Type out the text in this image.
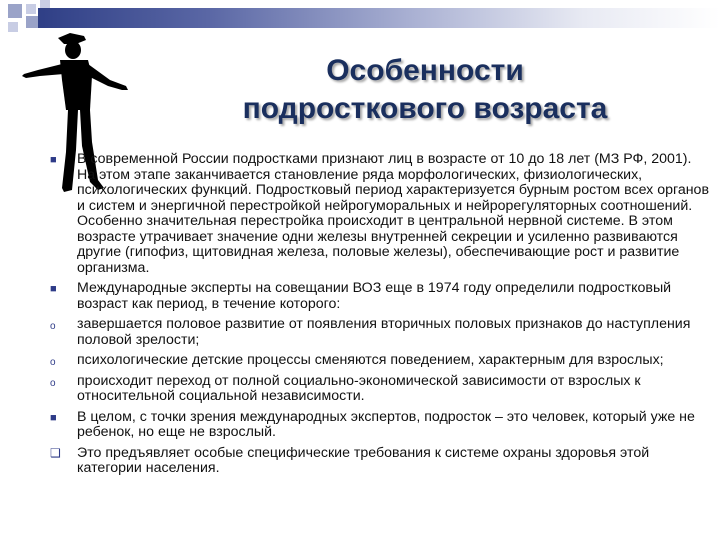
Особенности
подросткового возраста
■ В современной России подростками признают лиц в возрасте от 10 до 18 лет (МЗ РФ, 2001). На этом этапе заканчивается становление ряда морфологических, физиологических, психологических функций. Подростковый период характеризуется бурным ростом всех органов и систем и энергичной перестройкой нейрогуморальных и нейрорегуляторных соотношений. Особенно значительная перестройка происходит в центральной нервной системе. В этом возрасте утрачивает значение одни железы внутренней секреции и усиленно развиваются другие (гипофиз, щитовидная железа, половые железы), обеспечивающие рост и развитие организма.
■ Международные эксперты на совещании ВОЗ еще в 1974 году определили подростковый возраст как период, в течение которого:
o завершается половое развитие от появления вторичных половых признаков до наступления половой зрелости;
o психологические детские процессы сменяются поведением, характерным для взрослых;
o происходит переход от полной социально-экономической зависимости от взрослых к относительной социальной независимости.
■ В целом, с точки зрения международных экспертов, подросток – это человек, который уже не ребенок, но еще не взрослый.
❑ Это предъявляет особые специфические требования к системе охраны здоровья этой категории населения.
